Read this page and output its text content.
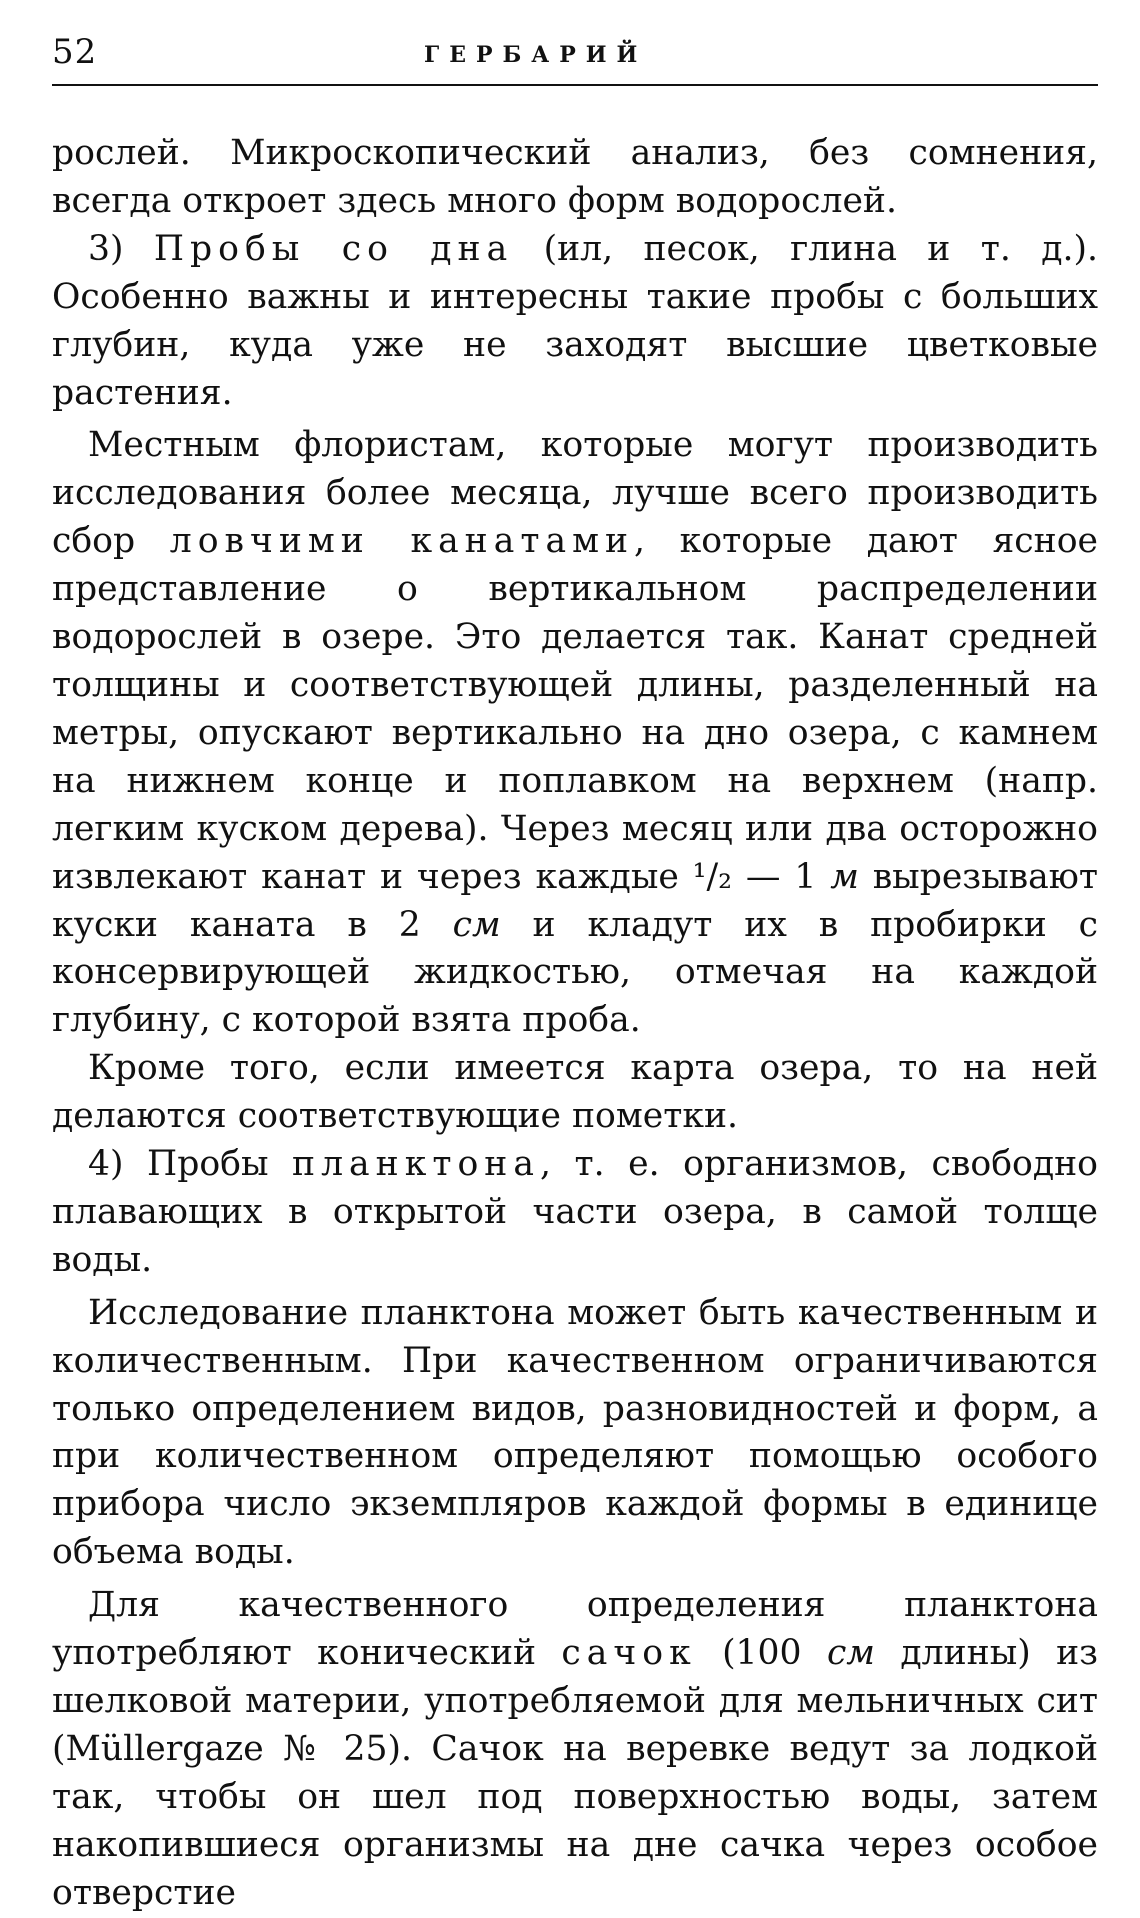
52	ГЕРБАРИЙ

рослей. Микроскопический анализ, без сомнения, всегда откроет здесь много форм водорослей.

3) Пробы со дна (ил, песок, глина и т. д.). Особенно важны и интересны такие пробы с больших глубин, куда уже не заходят высшие цветковые растения.

Местным флористам, которые могут производить исследования более месяца, лучше всего производить сбор ловчими канатами, которые дают ясное представление о вертикальном распределении водорослей в озере. Это делается так. Канат средней толщины и соответствующей длины, разделенный на метры, опускают вертикально на дно озера, с камнем на нижнем конце и поплавком на верхнем (напр. легким куском дерева). Через месяц или два осторожно извлекают канат и через каждые ¹/₂ — 1 м вырезывают куски каната в 2 см и кладут их в пробирки с консервирующей жидкостью, отмечая на каждой глубину, с которой взята проба.

Кроме того, если имеется карта озера, то на ней делаются соответствующие пометки.

4) Пробы планктона, т. е. организмов, свободно плавающих в открытой части озера, в самой толще воды.

Исследование планктона может быть качественным и количественным. При качественном ограничиваются только определением видов, разновидностей и форм, а при количественном определяют помощью особого прибора число экземпляров каждой формы в единице объема воды.

Для качественного определения планктона употребляют конический сачок (100 см длины) из шелковой материи, употребляемой для мельничных сит (Müllergaze № 25). Сачок на веревке ведут за лодкой так, чтобы он шел под поверхностью воды, затем накопившиеся организмы на дне сачка через особое отверстие
